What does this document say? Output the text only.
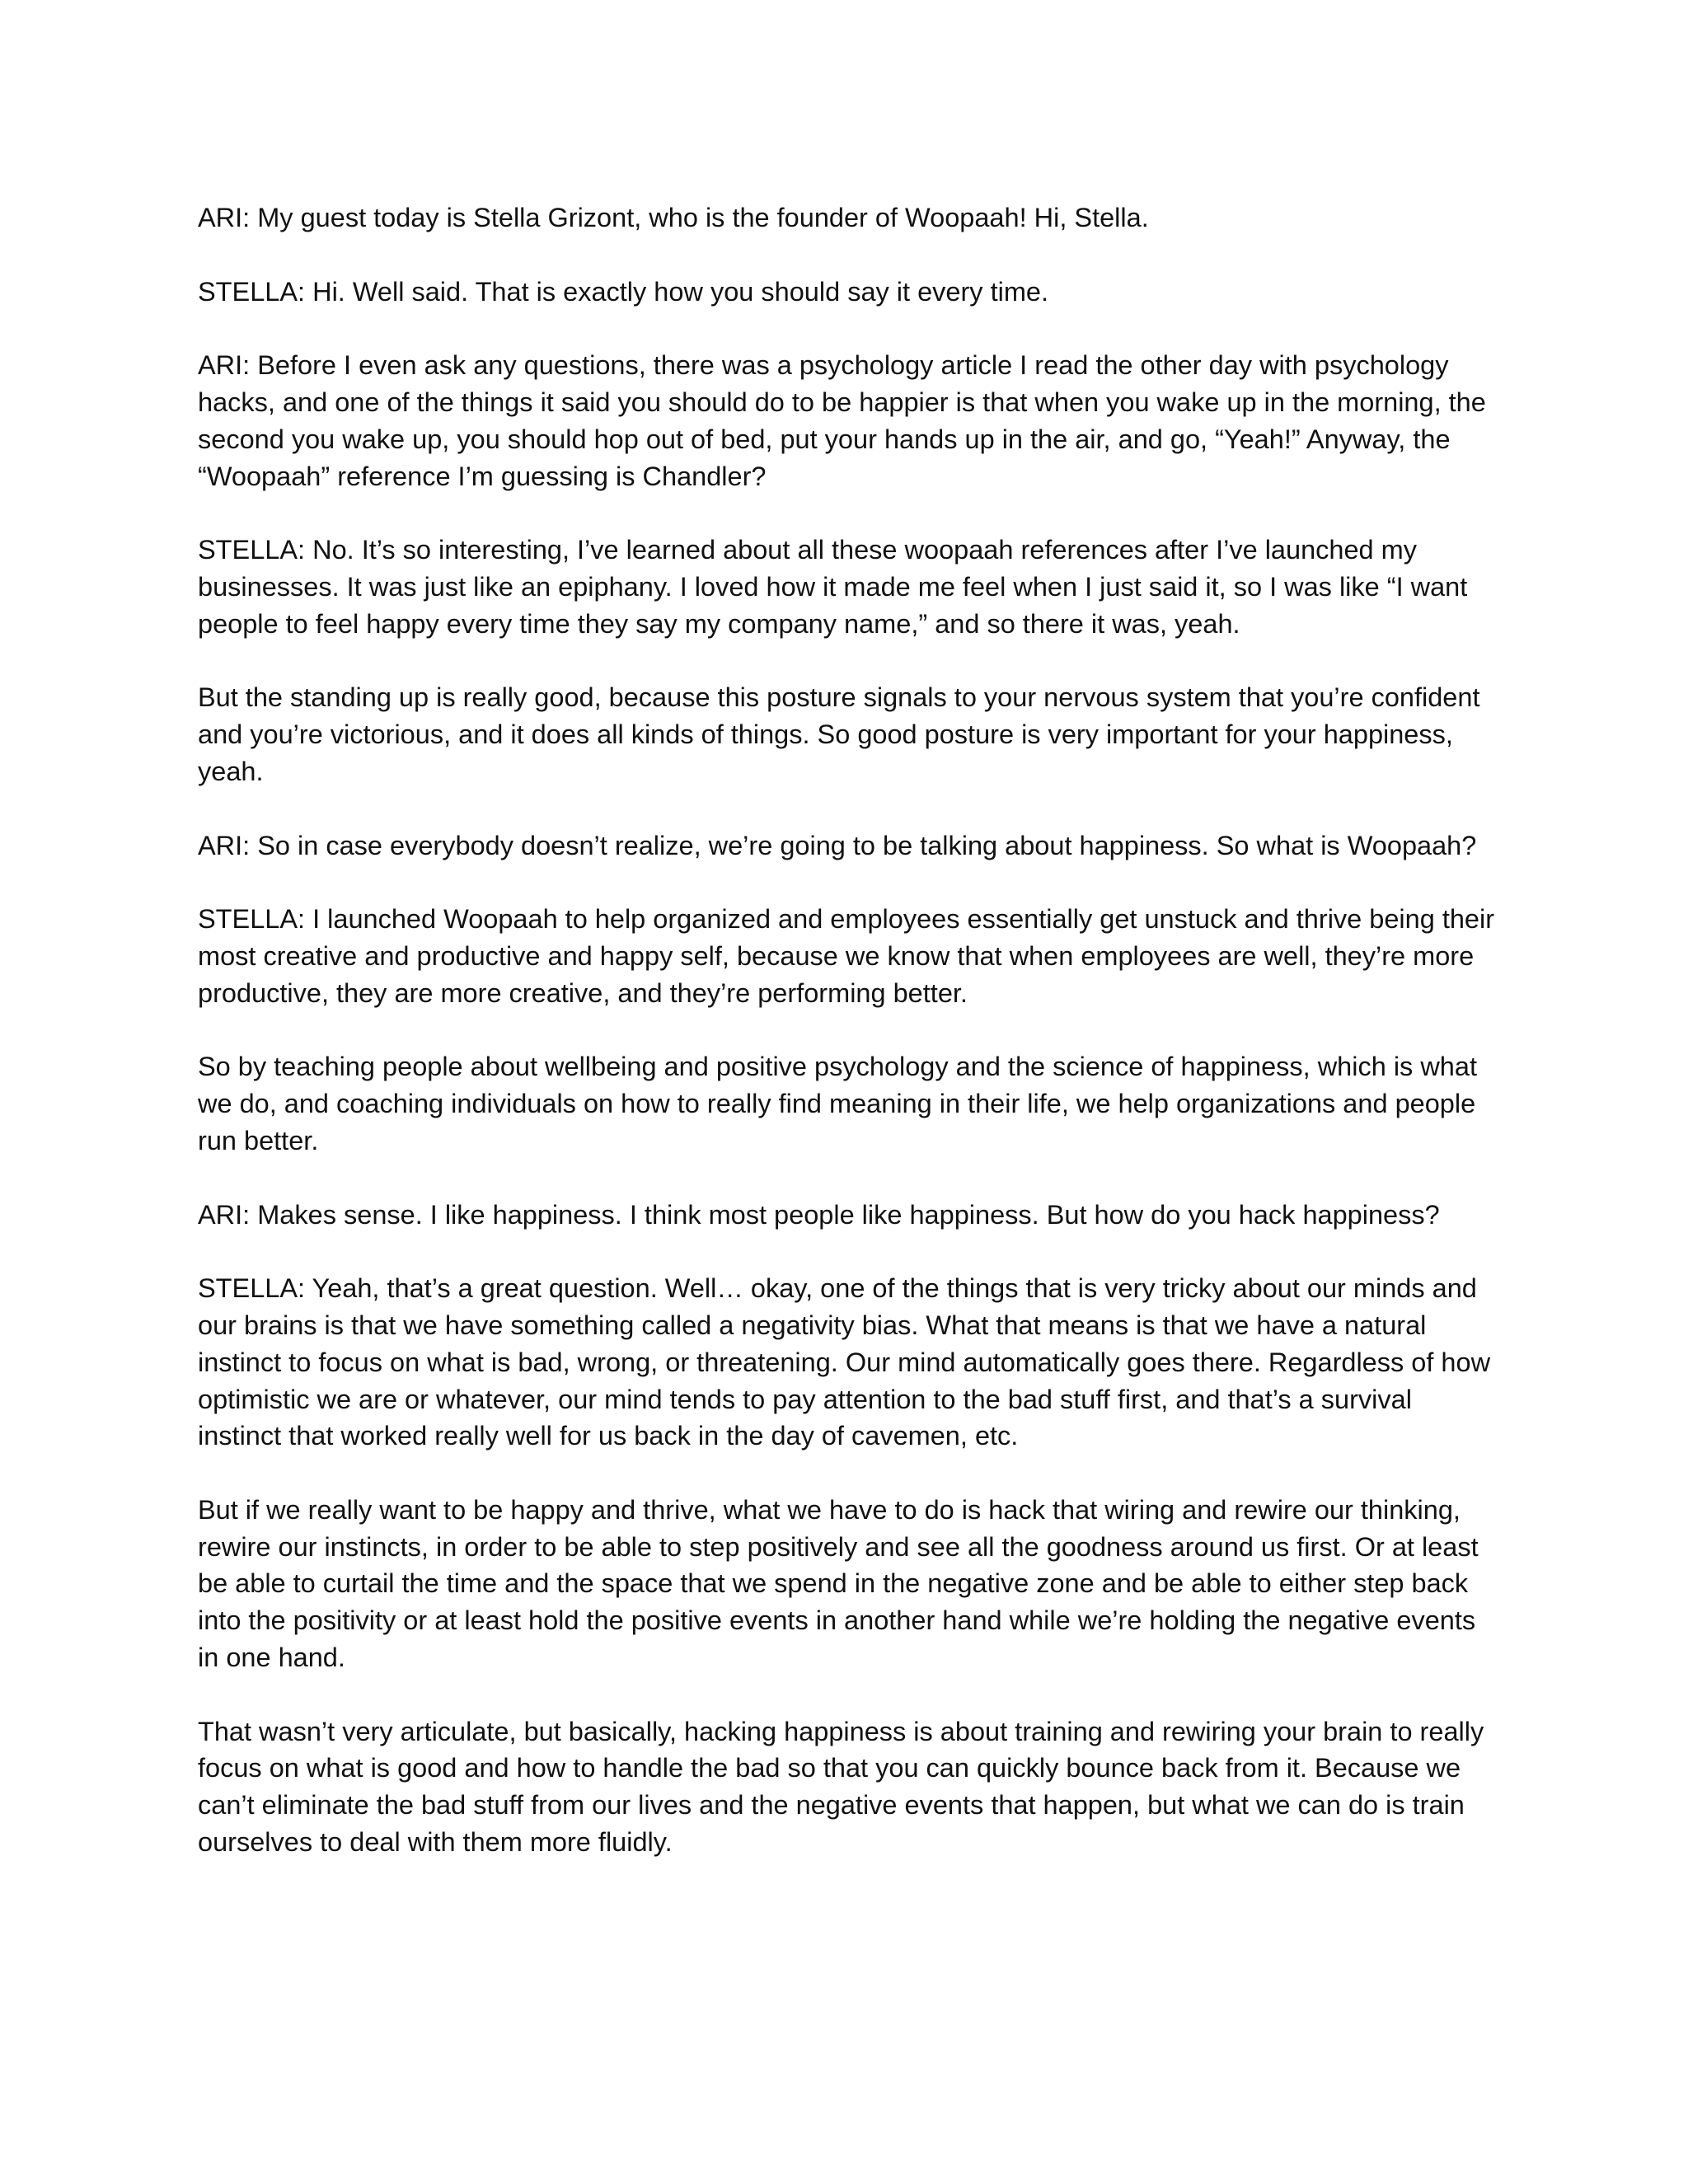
ARI: My guest today is Stella Grizont, who is the founder of Woopaah! Hi, Stella.

STELLA: Hi. Well said. That is exactly how you should say it every time.

ARI: Before I even ask any questions, there was a psychology article I read the other day with psychology hacks, and one of the things it said you should do to be happier is that when you wake up in the morning, the second you wake up, you should hop out of bed, put your hands up in the air, and go, “Yeah!” Anyway, the “Woopaah” reference I’m guessing is Chandler?

STELLA: No. It’s so interesting, I’ve learned about all these woopaah references after I’ve launched my businesses. It was just like an epiphany. I loved how it made me feel when I just said it, so I was like “I want people to feel happy every time they say my company name,” and so there it was, yeah.

But the standing up is really good, because this posture signals to your nervous system that you’re confident and you’re victorious, and it does all kinds of things. So good posture is very important for your happiness, yeah.

ARI: So in case everybody doesn’t realize, we’re going to be talking about happiness. So what is Woopaah?

STELLA: I launched Woopaah to help organized and employees essentially get unstuck and thrive being their most creative and productive and happy self, because we know that when employees are well, they’re more productive, they are more creative, and they’re performing better.

So by teaching people about wellbeing and positive psychology and the science of happiness, which is what we do, and coaching individuals on how to really find meaning in their life, we help organizations and people run better.

ARI: Makes sense. I like happiness. I think most people like happiness. But how do you hack happiness?

STELLA: Yeah, that’s a great question. Well… okay, one of the things that is very tricky about our minds and our brains is that we have something called a negativity bias. What that means is that we have a natural instinct to focus on what is bad, wrong, or threatening. Our mind automatically goes there. Regardless of how optimistic we are or whatever, our mind tends to pay attention to the bad stuff first, and that’s a survival instinct that worked really well for us back in the day of cavemen, etc.

But if we really want to be happy and thrive, what we have to do is hack that wiring and rewire our thinking, rewire our instincts, in order to be able to step positively and see all the goodness around us first. Or at least be able to curtail the time and the space that we spend in the negative zone and be able to either step back into the positivity or at least hold the positive events in another hand while we’re holding the negative events in one hand.

That wasn’t very articulate, but basically, hacking happiness is about training and rewiring your brain to really focus on what is good and how to handle the bad so that you can quickly bounce back from it. Because we can’t eliminate the bad stuff from our lives and the negative events that happen, but what we can do is train ourselves to deal with them more fluidly.
